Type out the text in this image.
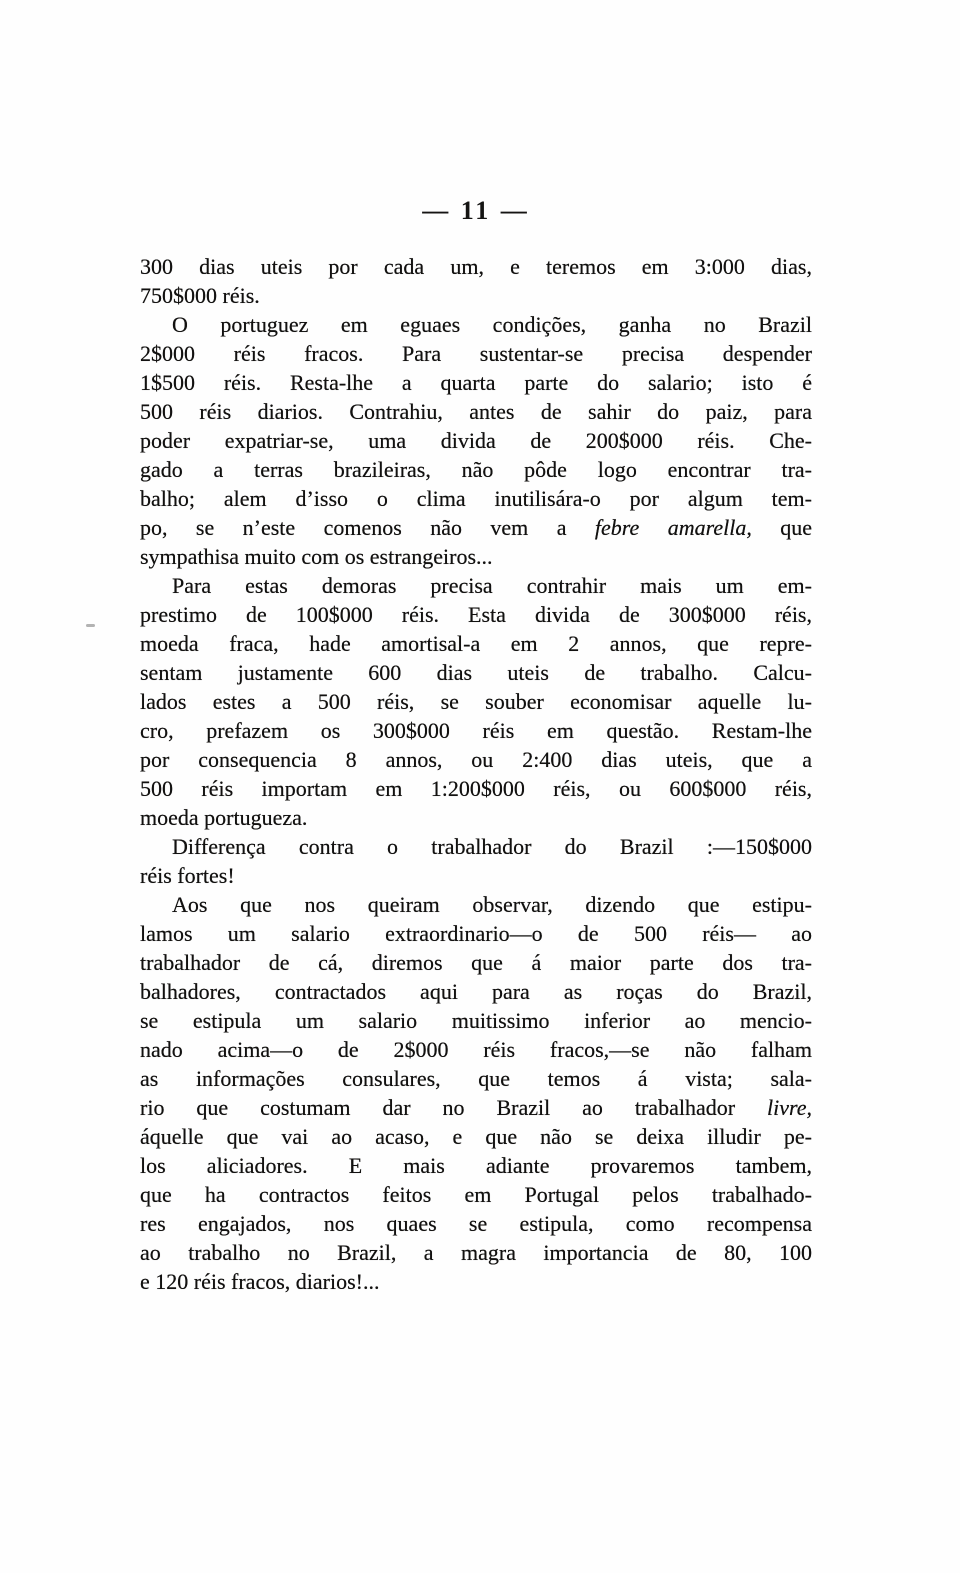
— 11 —
300 dias uteis por cada um, e teremos em 3:000 dias,
750$000 réis.
O portuguez em eguaes condições, ganha no Brazil
2$000 réis fracos. Para sustentar-se precisa despender
1$500 réis. Resta-lhe a quarta parte do salario; isto é
500 réis diarios. Contrahiu, antes de sahir do paiz, para
poder expatriar-se, uma divida de 200$000 réis. Che-
gado a terras brazileiras, não pôde logo encontrar tra-
balho; alem d’isso o clima inutilisára-o por algum tem-
po, se n’este comenos não vem a febre amarella, que
sympathisa muito com os estrangeiros...
Para estas demoras precisa contrahir mais um em-
prestimo de 100$000 réis. Esta divida de 300$000 réis,
moeda fraca, hade amortisal-a em 2 annos, que repre-
sentam justamente 600 dias uteis de trabalho. Calcu-
lados estes a 500 réis, se souber economisar aquelle lu-
cro, prefazem os 300$000 réis em questão. Restam-lhe
por consequencia 8 annos, ou 2:400 dias uteis, que a
500 réis importam em 1:200$000 réis, ou 600$000 réis,
moeda portugueza.
Differença contra o trabalhador do Brazil :—150$000
réis fortes!
Aos que nos queiram observar, dizendo que estipu-
lamos um salario extraordinario—o de 500 réis— ao
trabalhador de cá, diremos que á maior parte dos tra-
balhadores, contractados aqui para as roças do Brazil,
se estipula um salario muitissimo inferior ao mencio-
nado acima—o de 2$000 réis fracos,—se não falham
as informações consulares, que temos á vista; sala-
rio que costumam dar no Brazil ao trabalhador livre,
áquelle que vai ao acaso, e que não se deixa illudir pe-
los aliciadores. E mais adiante provaremos tambem,
que ha contractos feitos em Portugal pelos trabalhado-
res engajados, nos quaes se estipula, como recompensa
ao trabalho no Brazil, a magra importancia de 80, 100
e 120 réis fracos, diarios!...
